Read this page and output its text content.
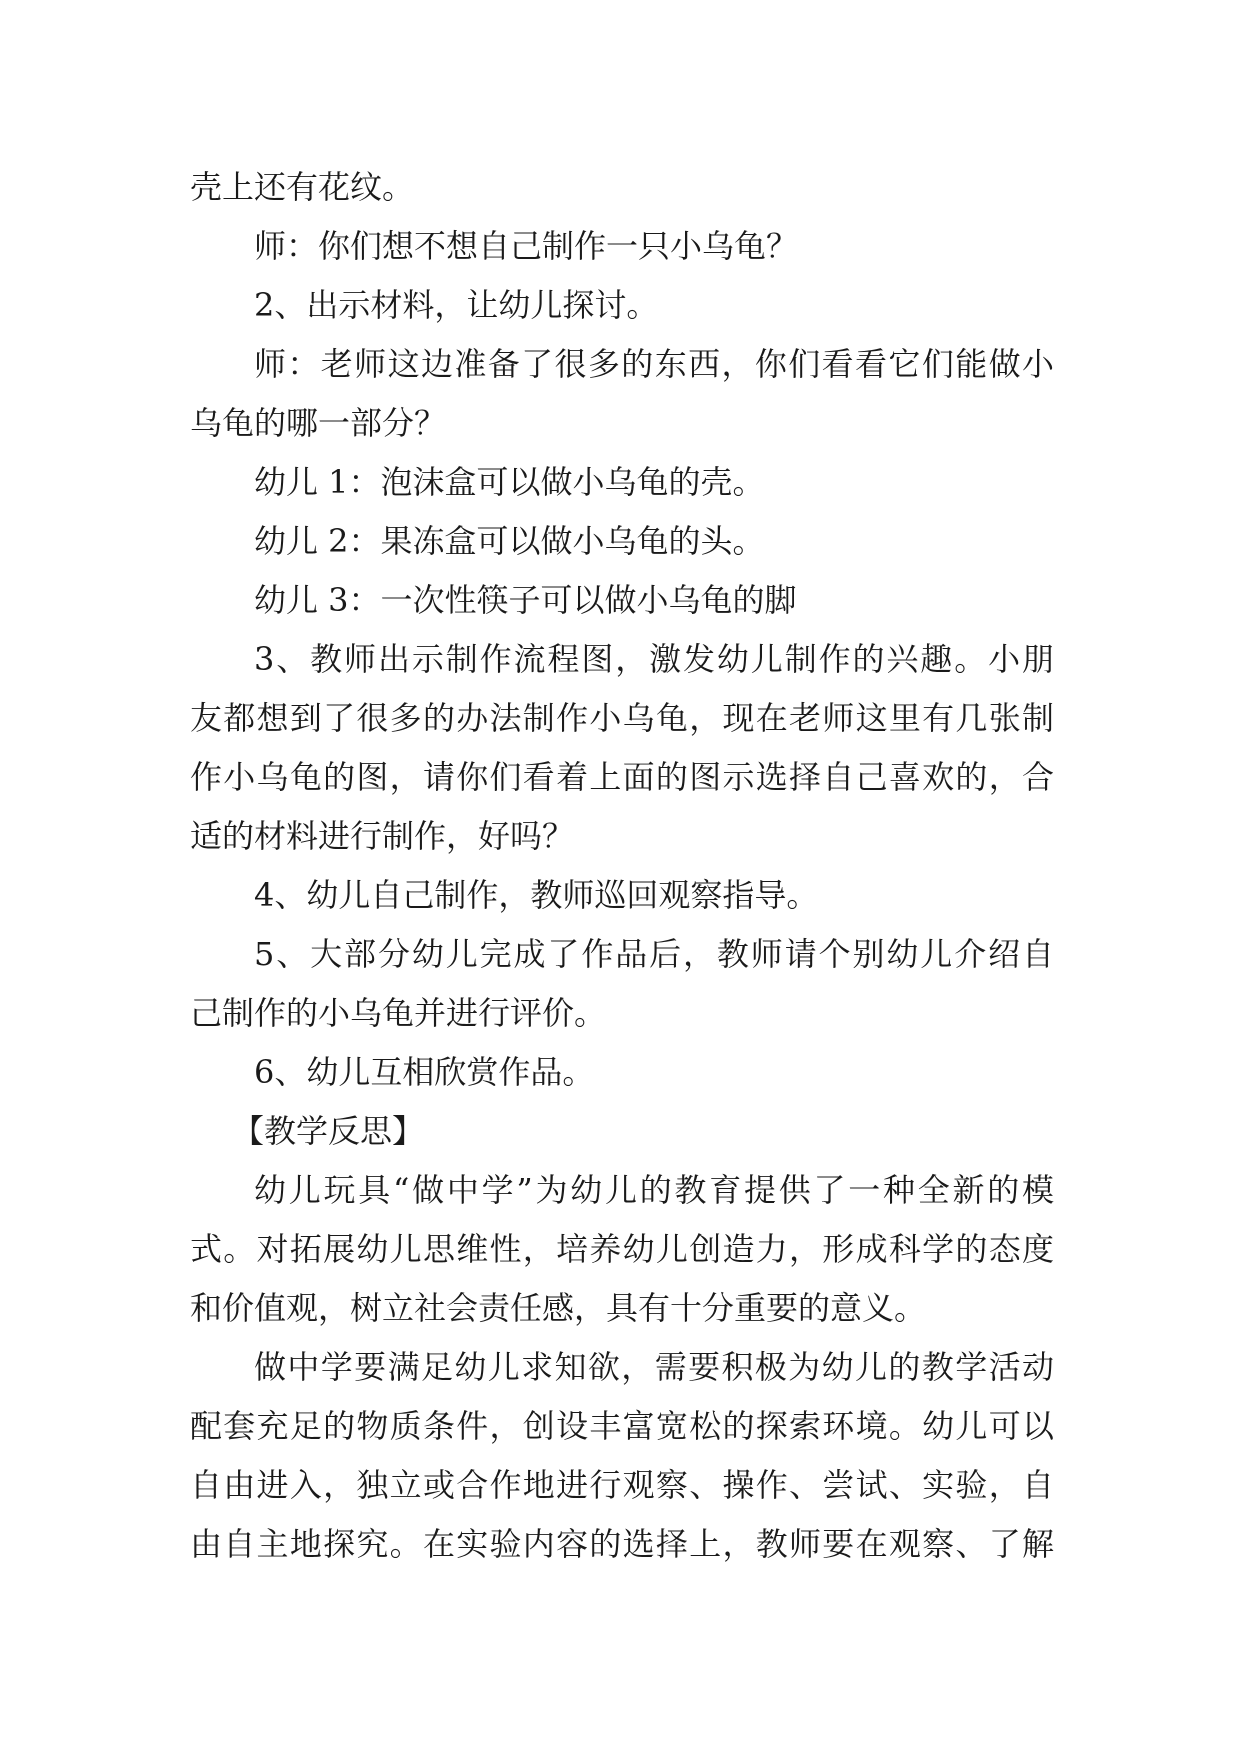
壳上还有花纹。
师：你们想不想自己制作一只小乌龟？
2、出示材料，让幼儿探讨。
师：老师这边准备了很多的东西，你们看看它们能做小
乌龟的哪一部分？
幼儿 1：泡沫盒可以做小乌龟的壳。
幼儿 2：果冻盒可以做小乌龟的头。
幼儿 3：一次性筷子可以做小乌龟的脚
3、教师出示制作流程图，激发幼儿制作的兴趣。小朋
友都想到了很多的办法制作小乌龟，现在老师这里有几张制
作小乌龟的图，请你们看着上面的图示选择自己喜欢的，合
适的材料进行制作，好吗？
4、幼儿自己制作，教师巡回观察指导。
5、大部分幼儿完成了作品后，教师请个别幼儿介绍自
己制作的小乌龟并进行评价。
6、幼儿互相欣赏作品。
【教学反思】
幼儿玩具“做中学”为幼儿的教育提供了一种全新的模
式。对拓展幼儿思维性，培养幼儿创造力，形成科学的态度
和价值观，树立社会责任感，具有十分重要的意义。
做中学要满足幼儿求知欲，需要积极为幼儿的教学活动
配套充足的物质条件，创设丰富宽松的探索环境。幼儿可以
自由进入，独立或合作地进行观察、操作、尝试、实验，自
由自主地探究。在实验内容的选择上，教师要在观察、了解
